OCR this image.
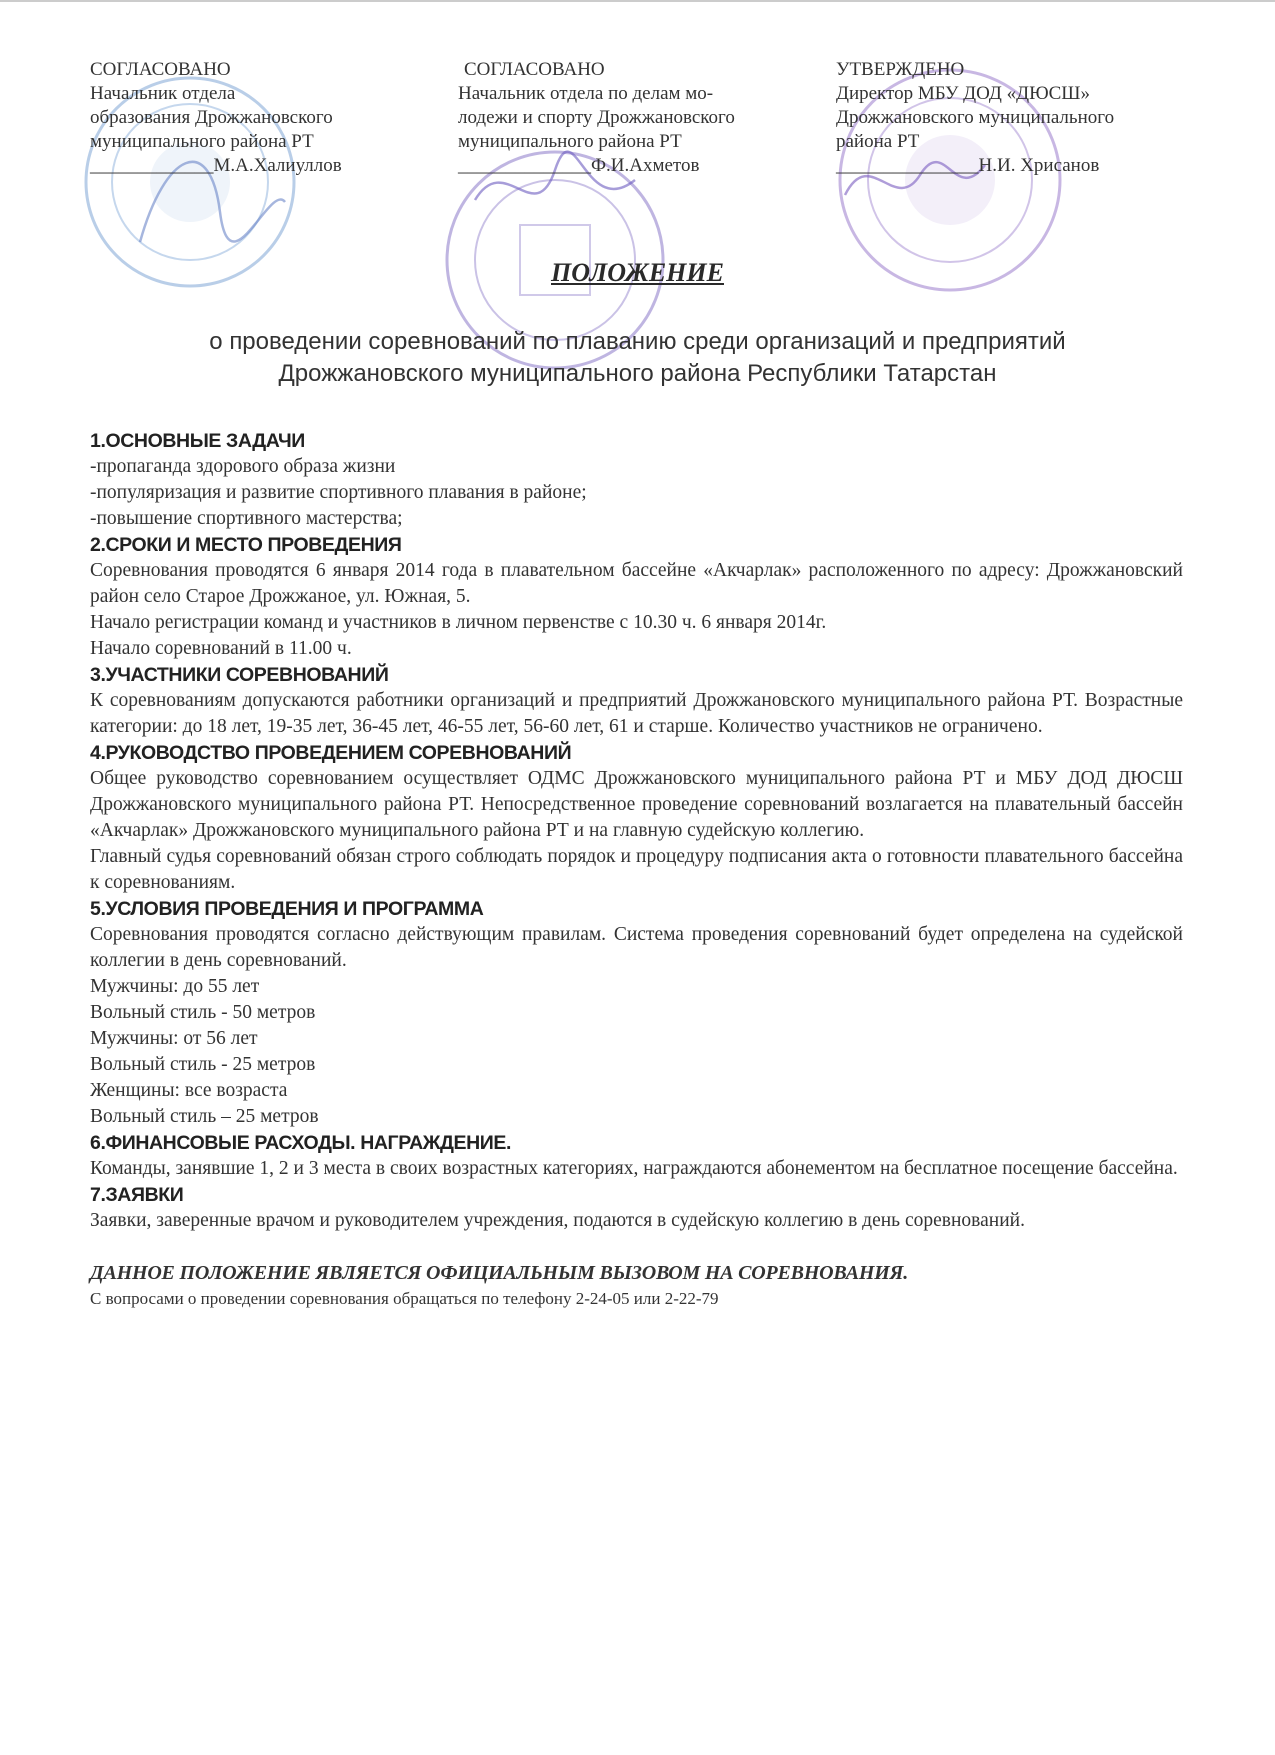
СОГЛАСОВАНО
Начальник отдела
образования Дрожжановского
муниципального района РТ
_____________М.А.Халиуллов
СОГЛАСОВАНО
Начальник отдела по делам мо-
лодежи и спорту Дрожжановского
муниципального района РТ
______________Ф.И.Ахметов
УТВЕРЖДЕНО
Директор МБУ ДОД «ДЮСШ»
Дрожжановского муниципального
района РТ
_______________Н.И. Хрисанов
ПОЛОЖЕНИЕ
о проведении соревнований по плаванию среди организаций и предприятий
Дрожжановского муниципального района Республики Татарстан
1.ОСНОВНЫЕ ЗАДАЧИ

-пропаганда здорового образа жизни

-популяризация и развитие спортивного плавания в районе;

-повышение спортивного мастерства;

2.СРОКИ И МЕСТО ПРОВЕДЕНИЯ

Соревнования проводятся 6 января 2014 года в плавательном бассейне «Акчарлак» расположенного по адресу: Дрожжановский район село Старое Дрожжаное, ул. Южная, 5.

Начало регистрации команд и участников в личном первенстве с 10.30 ч. 6 января 2014г.

Начало соревнований в 11.00 ч.

3.УЧАСТНИКИ СОРЕВНОВАНИЙ

К соревнованиям допускаются работники организаций и предприятий Дрожжановского муниципального района РТ. Возрастные категории: до 18 лет, 19-35 лет, 36-45 лет, 46-55 лет, 56-60 лет, 61 и старше. Количество участников не ограничено.

4.РУКОВОДСТВО ПРОВЕДЕНИЕМ СОРЕВНОВАНИЙ

Общее руководство соревнованием осуществляет ОДМС Дрожжановского муниципального района РТ и МБУ ДОД ДЮСШ Дрожжановского муниципального района РТ. Непосредственное проведение соревнований возлагается на плавательный бассейн «Акчарлак» Дрожжановского муниципального района РТ и на главную судейскую коллегию.

Главный судья соревнований обязан строго соблюдать порядок и процедуру подписания акта о готовности плавательного бассейна к соревнованиям.

5.УСЛОВИЯ ПРОВЕДЕНИЯ И ПРОГРАММА

Соревнования проводятся согласно действующим правилам. Система проведения соревнований будет определена на судейской коллегии в день соревнований.

Мужчины: до 55 лет

Вольный стиль - 50 метров

Мужчины: от 56 лет

Вольный стиль - 25 метров

Женщины: все возраста

Вольный стиль – 25 метров

6.ФИНАНСОВЫЕ РАСХОДЫ. НАГРАЖДЕНИЕ.

Команды, занявшие 1, 2 и 3 места в своих возрастных категориях, награждаются абонементом на бесплатное посещение бассейна.

7.ЗАЯВКИ

Заявки, заверенные врачом и руководителем учреждения, подаются в судейскую коллегию в день соревнований.

ДАННОЕ ПОЛОЖЕНИЕ ЯВЛЯЕТСЯ ОФИЦИАЛЬНЫМ ВЫЗОВОМ НА СОРЕВНОВАНИЯ.

С вопросами о проведении соревнования обращаться по телефону 2-24-05 или 2-22-79
